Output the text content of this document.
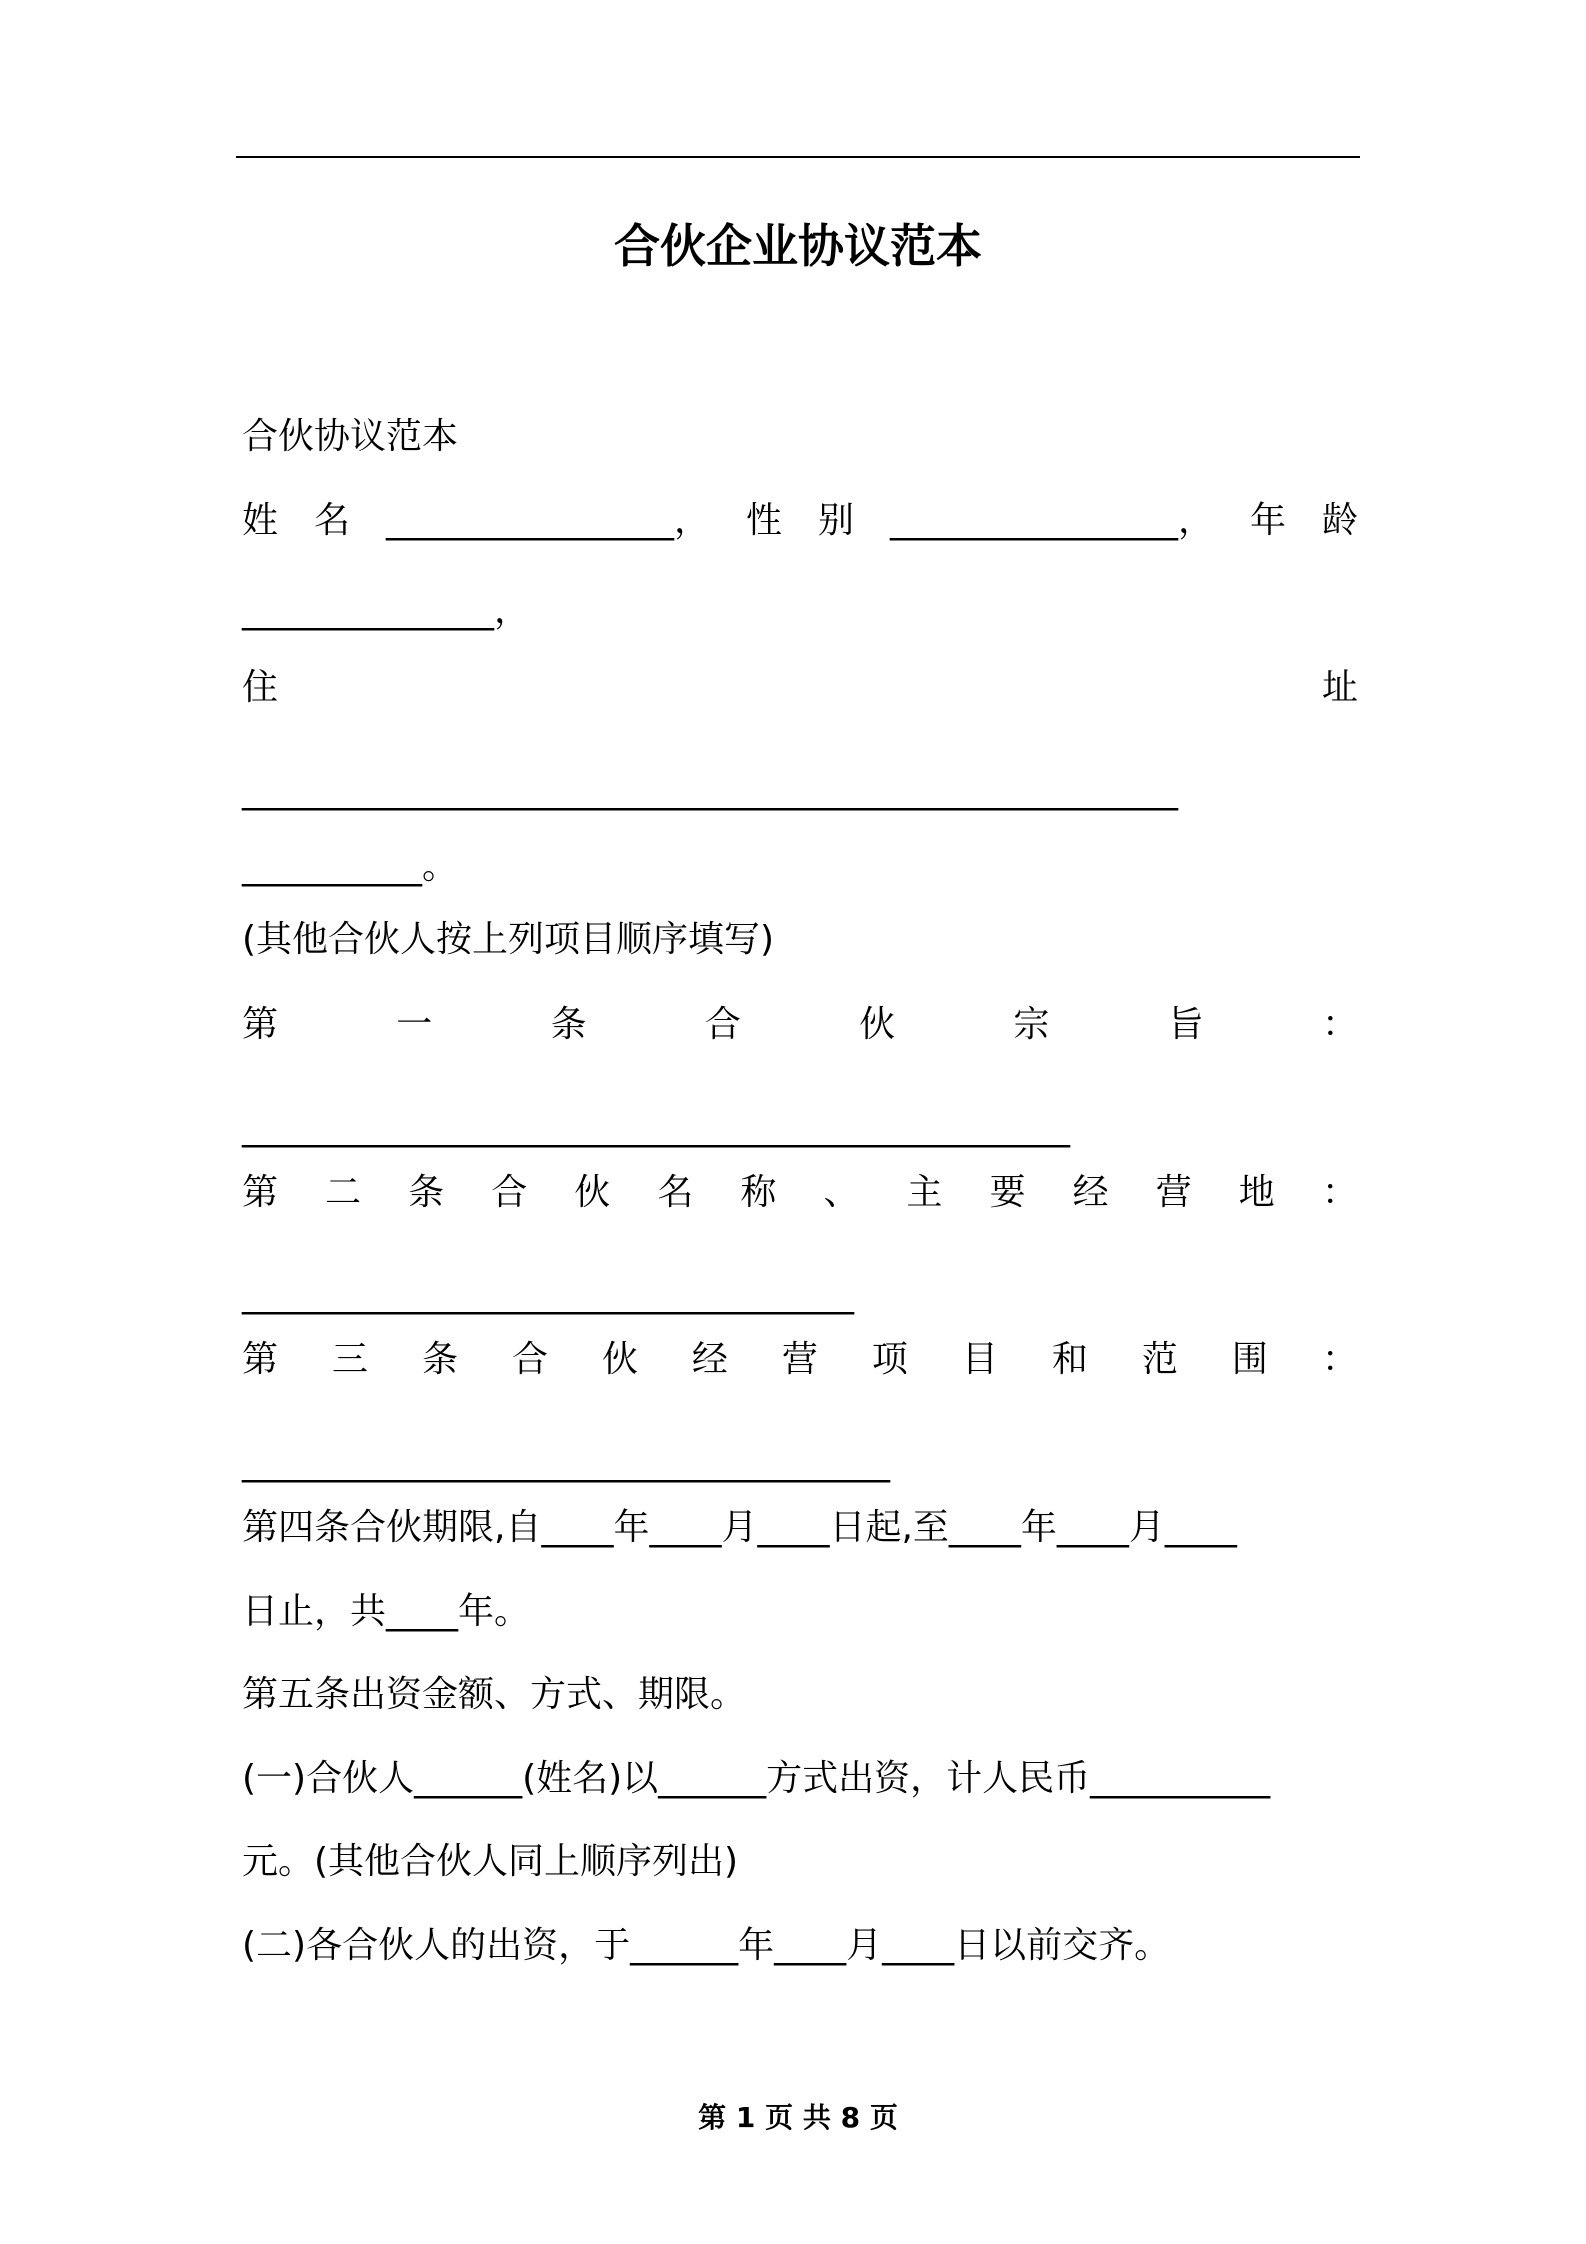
合伙企业协议范本
合伙协议范本
姓 名 ________________， 性 别 ________________， 年 龄
______________，
住	址
____________________________________________________
__________。
(其他合伙人按上列项目顺序填写)
第	一	条	合	伙	宗	旨	：
______________________________________________
第 二 条 合 伙 名 称 、 主 要 经 营 地 ：
__________________________________
第 三 条 合 伙 经 营 项 目 和 范 围 ：
____________________________________
第四条合伙期限,自____年____月____日起,至____年____月____
日止，共____年。
第五条出资金额、方式、期限。
(一)合伙人______(姓名)以______方式出资，计人民币__________
元。(其他合伙人同上顺序列出)
(二)各合伙人的出资，于______年____月____日以前交齐。
第 1 页 共 8 页
